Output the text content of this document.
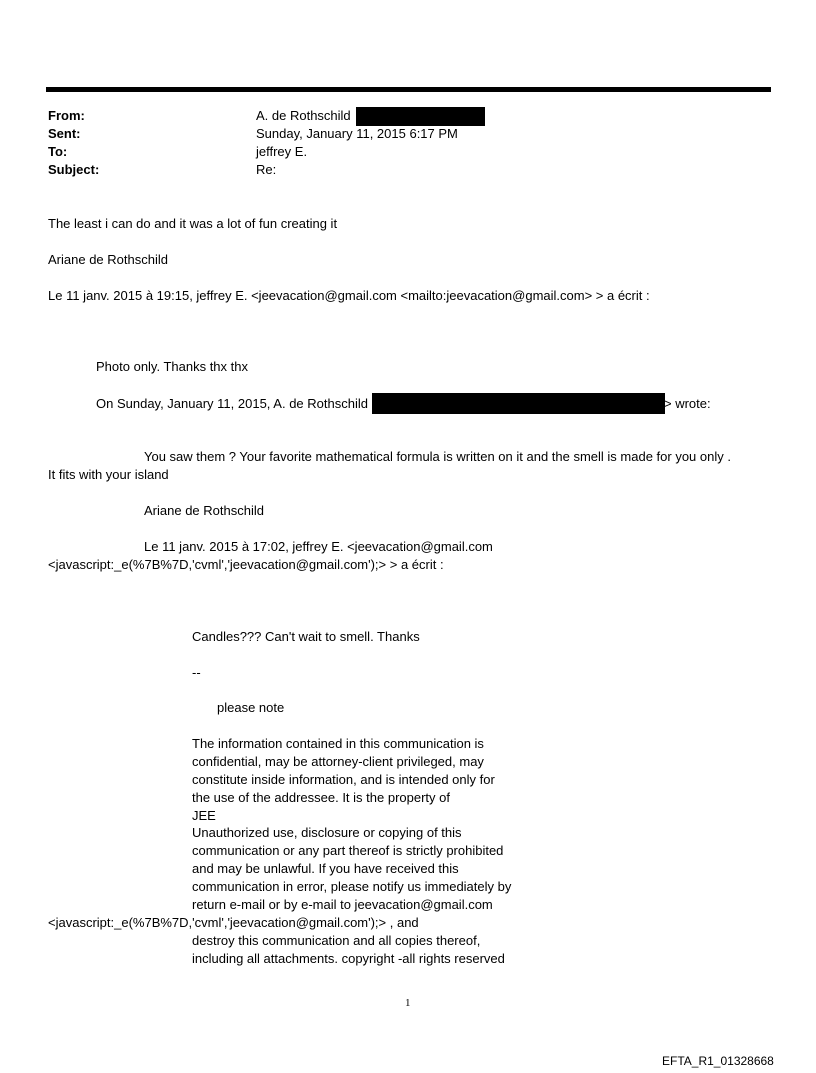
From:	A. de Rothschild
Sent:	Sunday, January 11, 2015 6:17 PM
To:	jeffrey E.
Subject:	Re:
The least i can do and it was a lot of fun creating it
Ariane de Rothschild
Le 11 janv. 2015 à 19:15, jeffrey E. <jeevacation@gmail.com <mailto:jeevacation@gmail.com> > a écrit :
Photo only. Thanks thx thx
On Sunday, January 11, 2015, A. de Rothschild	> wrote:
You saw them ? Your favorite mathematical formula is written on it and the smell is made for you only .
It fits with your island
Ariane de Rothschild
Le 11 janv. 2015 à 17:02, jeffrey E. <jeevacation@gmail.com
<javascript:_e(%7B%7D,'cvml','jeevacation@gmail.com');> > a écrit :
Candles??? Can't wait to smell. Thanks
--
please note
The information contained in this communication is
confidential, may be attorney-client privileged, may
constitute inside information, and is intended only for
the use of the addressee. It is the property of
JEE
Unauthorized use, disclosure or copying of this
communication or any part thereof is strictly prohibited
and may be unlawful. If you have received this
communication in error, please notify us immediately by
return e-mail or by e-mail to jeevacation@gmail.com
<javascript:_e(%7B%7D,'cvml','jeevacation@gmail.com');> , and
destroy this communication and all copies thereof,
including all attachments. copyright -all rights reserved
1
EFTA_R1_01328668
